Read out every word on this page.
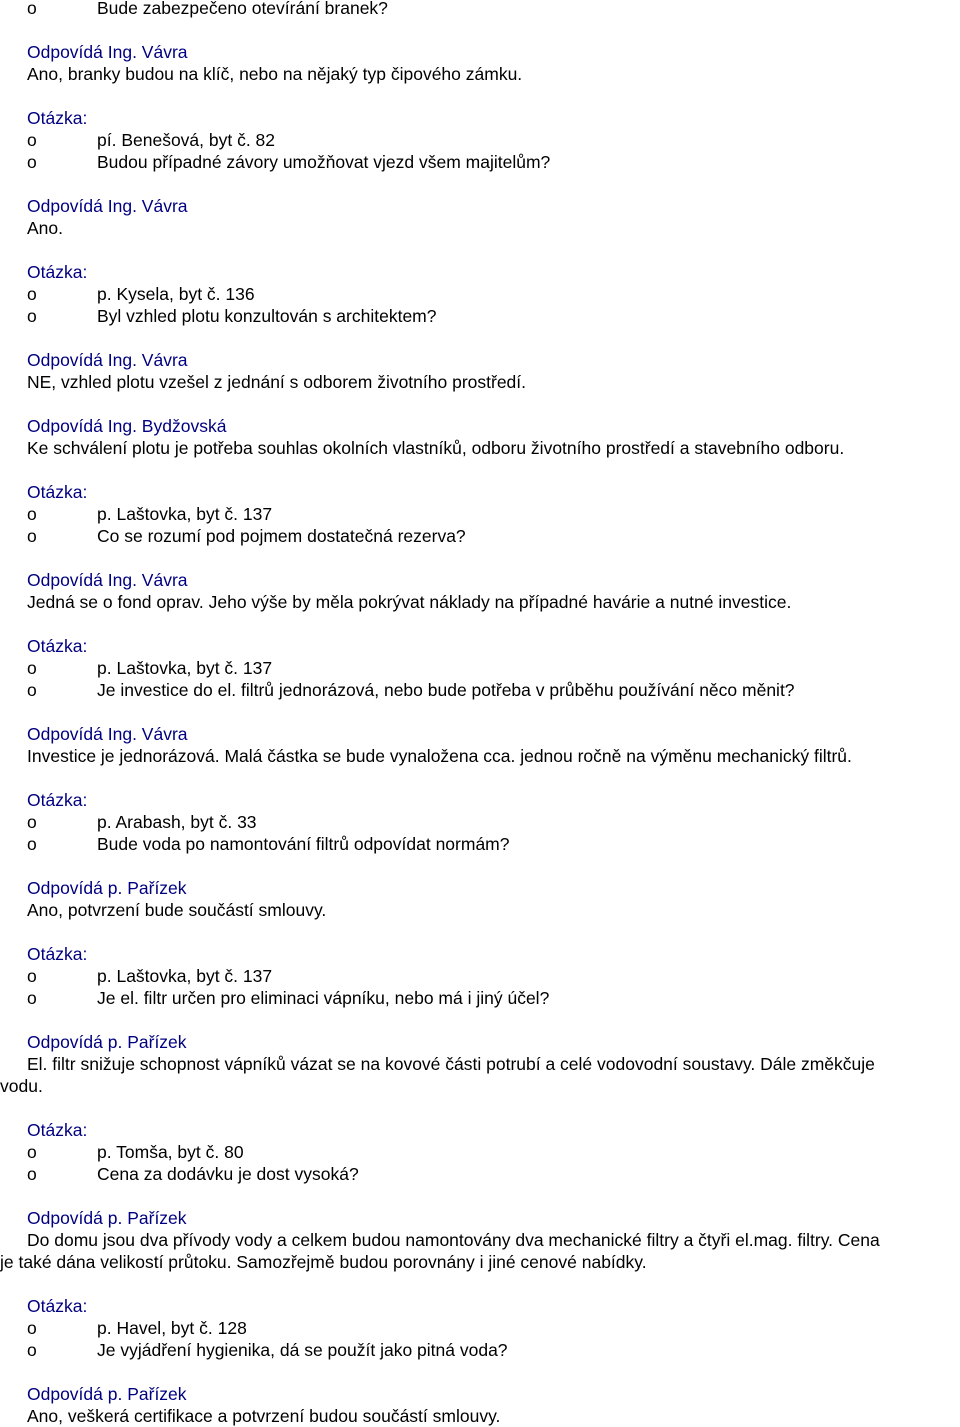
o	Bude zabezpečeno otevírání branek?
Odpovídá Ing. Vávra
Ano, branky budou na klíč, nebo na nějaký typ čipového zámku.
Otázka:
o	pí. Benešová, byt č. 82
o	Budou případné závory umožňovat vjezd všem majitelům?
Odpovídá Ing. Vávra
Ano.
Otázka:
o	p. Kysela, byt č. 136
o	Byl vzhled plotu konzultován s architektem?
Odpovídá Ing. Vávra
NE, vzhled plotu vzešel z jednání s odborem životního prostředí.
Odpovídá Ing. Bydžovská
Ke schválení plotu je potřeba souhlas okolních vlastníků, odboru životního prostředí a stavebního odboru.
Otázka:
o	p. Laštovka, byt č. 137
o	Co se rozumí pod pojmem dostatečná rezerva?
Odpovídá Ing. Vávra
Jedná se o fond oprav. Jeho výše by měla pokrývat náklady na případné havárie a nutné investice.
Otázka:
o	p. Laštovka, byt č. 137
o	Je investice do el. filtrů jednorázová, nebo bude potřeba v průběhu používání něco měnit?
Odpovídá Ing. Vávra
Investice je jednorázová. Malá částka se bude vynaložena cca. jednou ročně na výměnu mechanický filtrů.
Otázka:
o	p. Arabash, byt č. 33
o	Bude voda po namontování filtrů odpovídat normám?
Odpovídá p. Pařízek
Ano, potvrzení bude součástí smlouvy.
Otázka:
o	p. Laštovka, byt č. 137
o	Je el. filtr určen pro eliminaci vápníku, nebo má i jiný účel?
Odpovídá p. Pařízek
El. filtr snižuje schopnost vápníků vázat se na kovové části potrubí a celé vodovodní soustavy. Dále změkčuje
vodu.
Otázka:
o	p. Tomša, byt č. 80
o	Cena za dodávku je dost vysoká?
Odpovídá p. Pařízek
Do domu jsou dva přívody vody a celkem budou namontovány dva mechanické filtry a čtyři el.mag. filtry. Cena
je také dána velikostí průtoku. Samozřejmě budou porovnány i jiné cenové nabídky.
Otázka:
o	p. Havel, byt č. 128
o	Je vyjádření hygienika, dá se použít jako pitná voda?
Odpovídá p. Pařízek
Ano, veškerá certifikace a potvrzení budou součástí smlouvy.
